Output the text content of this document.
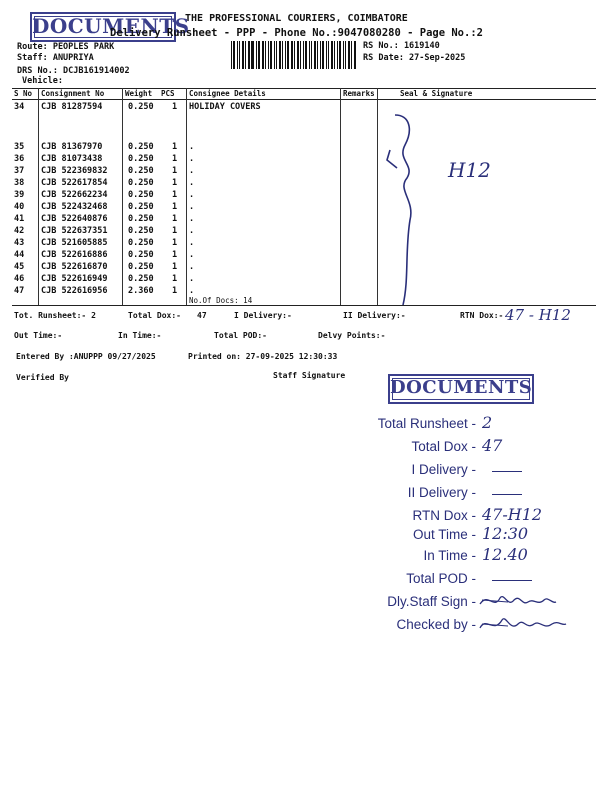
DOCUMENTS
THE PROFESSIONAL COURIERS, COIMBATORE
Delivery Runsheet - PPP - Phone No.:9047080280 - Page No.:2
Route: PEOPLES PARK
Staff: ANUPRIYA
DRS No.: DCJB161914002
Vehicle:
RS No.: 1619140
RS Date: 27-Sep-2025
S No Consignment No	Weight PCS Consignee Details	Remarks	Seal & Signature
34 CJB 81287594	0.250 1 HOLIDAY COVERS
35 CJB 81367970	0.250 1 .
36 CJB 81073438	0.250 1 .
37 CJB 522369832 0.250 1 .
38 CJB 522617854 0.250 1 .
39 CJB 522662234 0.250 1 .
40 CJB 522432468 0.250 1 .
41 CJB 522640876 0.250 1 .
42 CJB 522637351 0.250 1 .
43 CJB 521605885 0.250 1 .
44 CJB 522616886 0.250 1 .
45 CJB 522616870 0.250 1 .
46 CJB 522616949 0.250 1 .
47 CJB 522616956 2.360 1 .
No.Of Docs: 14
H12
Tot. Runsheet:- 2	Total Dox:- 47	I Delivery:-	II Delivery:-	RTN Dox:- 47 - H12
Out Time:-	In Time:-	Total POD:-	Delvy Points:-
Entered By :ANUPPP 09/27/2025	Printed on: 27-09-2025 12:30:33
Verified By	Staff Signature
DOCUMENTS
Total Runsheet - 2
Total Dox - 47
I Delivery -
II Delivery -
RTN Dox - 47-H12
Out Time - 12:30
In Time - 12.40
Total POD -
Dly.Staff Sign -
Checked by -
